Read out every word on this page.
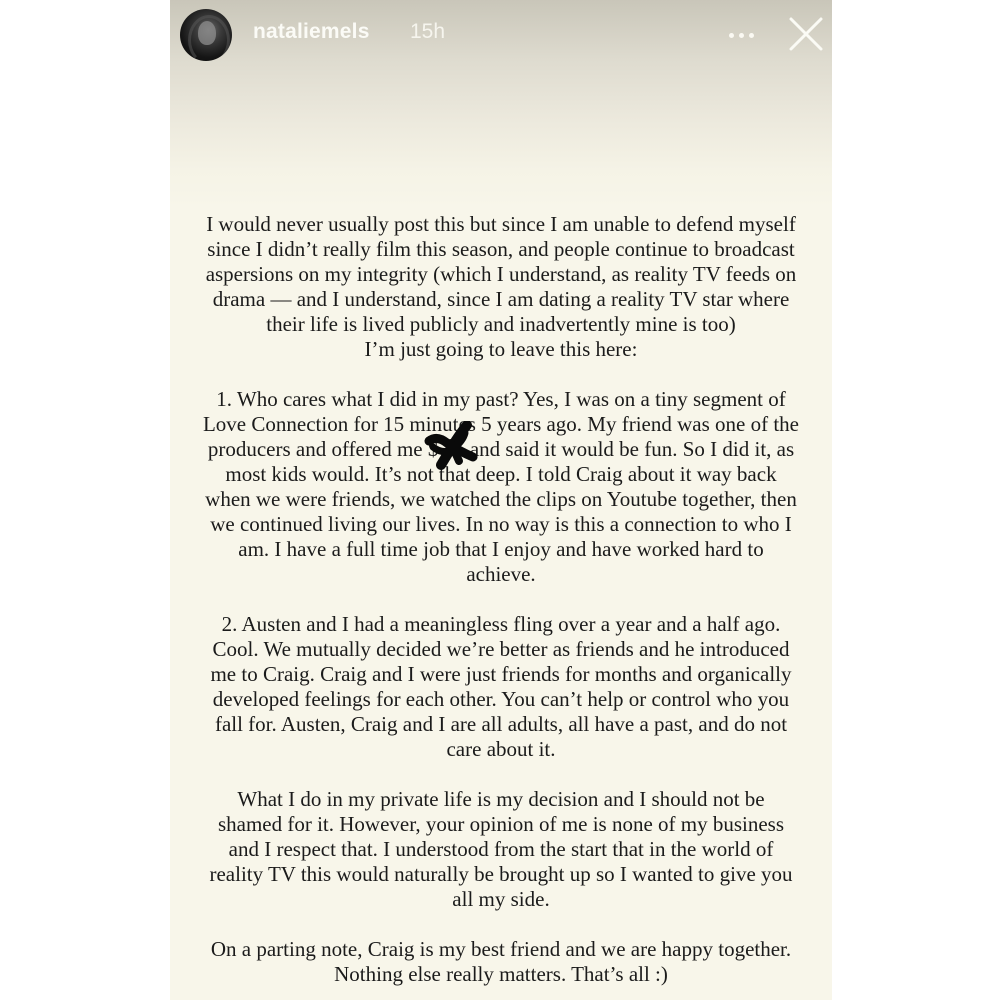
nataliemels 15h

I would never usually post this but since I am unable to defend myself
since I didn’t really film this season, and people continue to broadcast
aspersions on my integrity (which I understand, as reality TV feeds on
drama — and I understand, since I am dating a reality TV star where
their life is lived publicly and inadvertently mine is too)
I’m just going to leave this here:

1. Who cares what I did in my past? Yes, I was on a tiny segment of
Love Connection for 15 minutes 5 years ago. My friend was one of the
producers and offered me $      and said it would be fun. So I did it, as
most kids would. It’s not that deep. I told Craig about it way back
when we were friends, we watched the clips on Youtube together, then
we continued living our lives. In no way is this a connection to who I
am. I have a full time job that I enjoy and have worked hard to
achieve.

2. Austen and I had a meaningless fling over a year and a half ago.
Cool. We mutually decided we’re better as friends and he introduced
me to Craig. Craig and I were just friends for months and organically
developed feelings for each other. You can’t help or control who you
fall for. Austen, Craig and I are all adults, all have a past, and do not
care about it.

What I do in my private life is my decision and I should not be
shamed for it. However, your opinion of me is none of my business
and I respect that. I understood from the start that in the world of
reality TV this would naturally be brought up so I wanted to give you
all my side.

On a parting note, Craig is my best friend and we are happy together.
Nothing else really matters. That’s all :)
